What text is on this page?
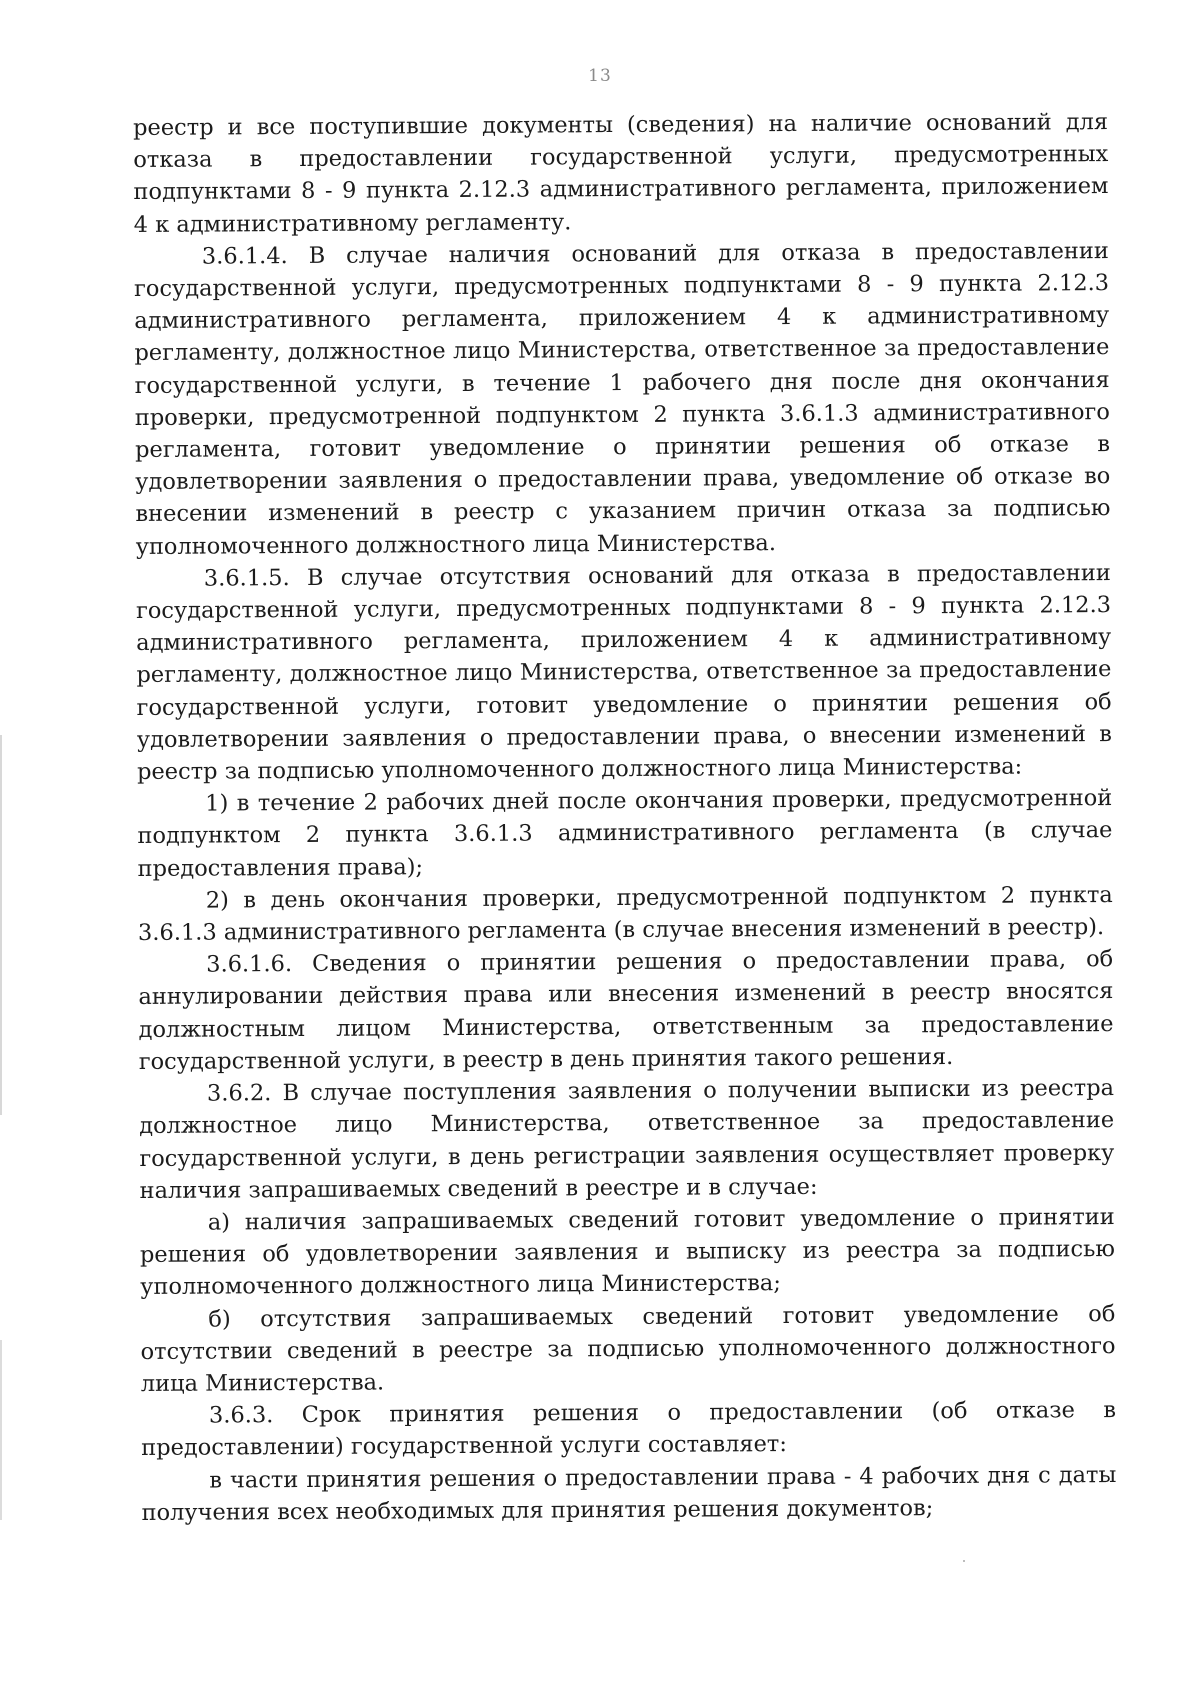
13

реестр и все поступившие документы (сведения) на наличие оснований для отказа в предоставлении государственной услуги, предусмотренных подпунктами 8 - 9 пункта 2.12.3 административного регламента, приложением 4 к административному регламенту.

3.6.1.4. В случае наличия оснований для отказа в предоставлении государственной услуги, предусмотренных подпунктами 8 - 9 пункта 2.12.3 административного регламента, приложением 4 к административному регламенту, должностное лицо Министерства, ответственное за предоставление государственной услуги, в течение 1 рабочего дня после дня окончания проверки, предусмотренной подпунктом 2 пункта 3.6.1.3 административного регламента, готовит уведомление о принятии решения об отказе в удовлетворении заявления о предоставлении права, уведомление об отказе во внесении изменений в реестр с указанием причин отказа за подписью уполномоченного должностного лица Министерства.

3.6.1.5. В случае отсутствия оснований для отказа в предоставлении государственной услуги, предусмотренных подпунктами 8 - 9 пункта 2.12.3 административного регламента, приложением 4 к административному регламенту, должностное лицо Министерства, ответственное за предоставление государственной услуги, готовит уведомление о принятии решения об удовлетворении заявления о предоставлении права, о внесении изменений в реестр за подписью уполномоченного должностного лица Министерства:

1) в течение 2 рабочих дней после окончания проверки, предусмотренной подпунктом 2 пункта 3.6.1.3 административного регламента (в случае предоставления права);

2) в день окончания проверки, предусмотренной подпунктом 2 пункта 3.6.1.3 административного регламента (в случае внесения изменений в реестр).

3.6.1.6. Сведения о принятии решения о предоставлении права, об аннулировании действия права или внесения изменений в реестр вносятся должностным лицом Министерства, ответственным за предоставление государственной услуги, в реестр в день принятия такого решения.

3.6.2. В случае поступления заявления о получении выписки из реестра должностное лицо Министерства, ответственное за предоставление государственной услуги, в день регистрации заявления осуществляет проверку наличия запрашиваемых сведений в реестре и в случае:

а) наличия запрашиваемых сведений готовит уведомление о принятии решения об удовлетворении заявления и выписку из реестра за подписью уполномоченного должностного лица Министерства;

б) отсутствия запрашиваемых сведений готовит уведомление об отсутствии сведений в реестре за подписью уполномоченного должностного лица Министерства.

3.6.3. Срок принятия решения о предоставлении (об отказе в предоставлении) государственной услуги составляет:

в части принятия решения о предоставлении права - 4 рабочих дня с даты получения всех необходимых для принятия решения документов;
